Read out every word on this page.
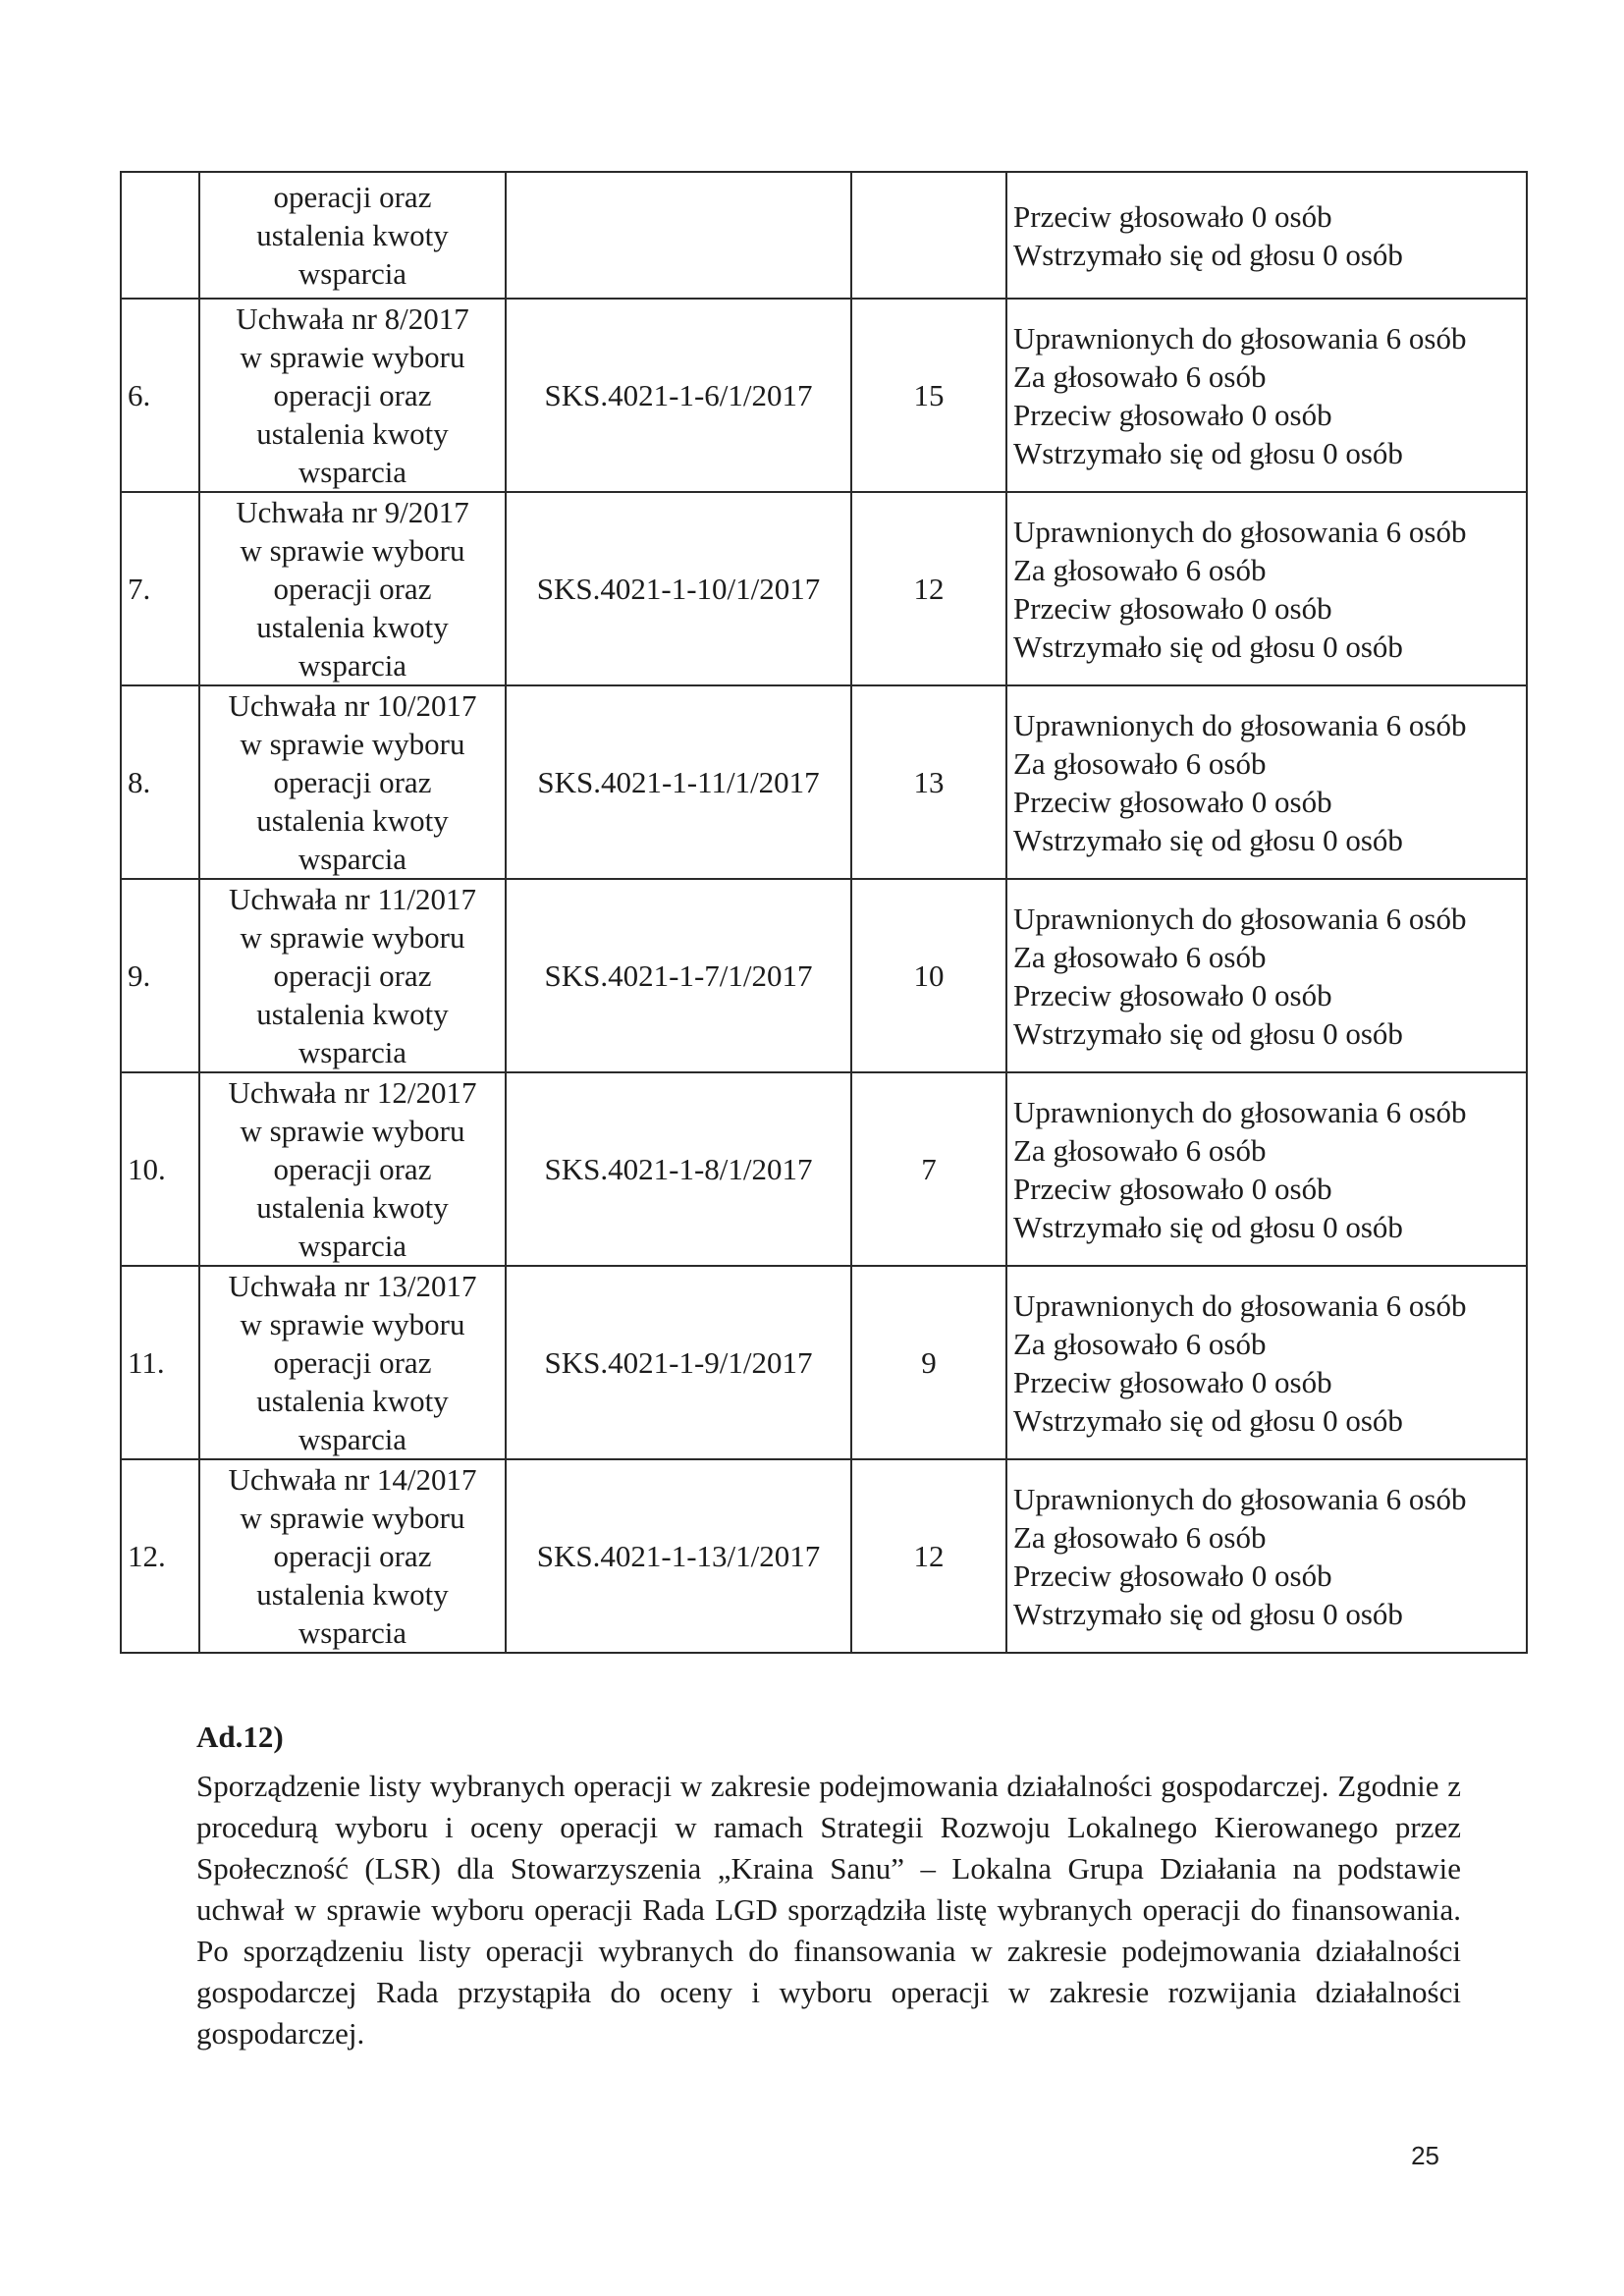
	operacji oraz
ustalenia kwoty
wsparcia			Przeciw głosowało 0 osób
Wstrzymało się od głosu 0 osób

6.	Uchwała nr 8/2017
w sprawie wyboru
operacji oraz
ustalenia kwoty
wsparcia	SKS.4021-1-6/1/2017	15	Uprawnionych do głosowania 6 osób
Za głosowało 6 osób
Przeciw głosowało 0 osób
Wstrzymało się od głosu 0 osób

7.	Uchwała nr 9/2017
w sprawie wyboru
operacji oraz
ustalenia kwoty
wsparcia	SKS.4021-1-10/1/2017	12	Uprawnionych do głosowania 6 osób
Za głosowało 6 osób
Przeciw głosowało 0 osób
Wstrzymało się od głosu 0 osób

8.	Uchwała nr 10/2017
w sprawie wyboru
operacji oraz
ustalenia kwoty
wsparcia	SKS.4021-1-11/1/2017	13	Uprawnionych do głosowania 6 osób
Za głosowało 6 osób
Przeciw głosowało 0 osób
Wstrzymało się od głosu 0 osób

9.	Uchwała nr 11/2017
w sprawie wyboru
operacji oraz
ustalenia kwoty
wsparcia	SKS.4021-1-7/1/2017	10	Uprawnionych do głosowania 6 osób
Za głosowało 6 osób
Przeciw głosowało 0 osób
Wstrzymało się od głosu 0 osób

10.	Uchwała nr 12/2017
w sprawie wyboru
operacji oraz
ustalenia kwoty
wsparcia	SKS.4021-1-8/1/2017	7	Uprawnionych do głosowania 6 osób
Za głosowało 6 osób
Przeciw głosowało 0 osób
Wstrzymało się od głosu 0 osób

11.	Uchwała nr 13/2017
w sprawie wyboru
operacji oraz
ustalenia kwoty
wsparcia	SKS.4021-1-9/1/2017	9	Uprawnionych do głosowania 6 osób
Za głosowało 6 osób
Przeciw głosowało 0 osób
Wstrzymało się od głosu 0 osób

12.	Uchwała nr 14/2017
w sprawie wyboru
operacji oraz
ustalenia kwoty
wsparcia	SKS.4021-1-13/1/2017	12	Uprawnionych do głosowania 6 osób
Za głosowało 6 osób
Przeciw głosowało 0 osób
Wstrzymało się od głosu 0 osób

Ad.12)

Sporządzenie listy wybranych operacji w zakresie podejmowania działalności gospodarczej. Zgodnie z procedurą wyboru i oceny operacji w ramach Strategii Rozwoju Lokalnego Kierowanego przez Społeczność (LSR) dla Stowarzyszenia „Kraina Sanu” – Lokalna Grupa Działania na podstawie uchwał w sprawie wyboru operacji Rada LGD sporządziła listę wybranych operacji do finansowania. Po sporządzeniu listy operacji wybranych do finansowania w zakresie podejmowania działalności gospodarczej Rada przystąpiła do oceny i wyboru operacji w zakresie rozwijania działalności gospodarczej.

25
